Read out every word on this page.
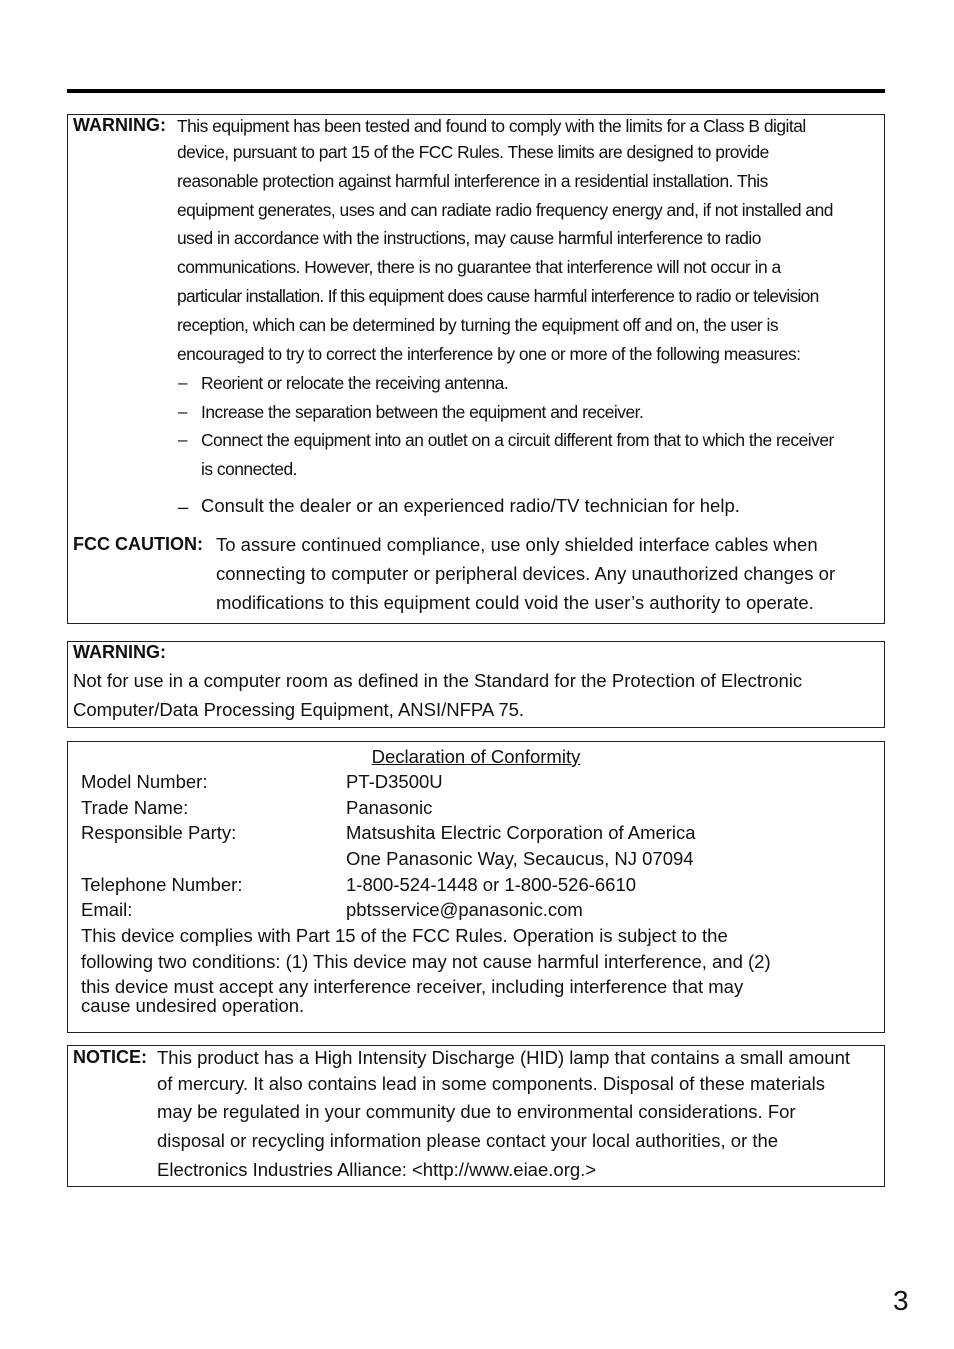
WARNING: This equipment has been tested and found to comply with the limits for a Class B digital
device, pursuant to part 15 of the FCC Rules. These limits are designed to provide
reasonable protection against harmful interference in a residential installation. This
equipment generates, uses and can radiate radio frequency energy and, if not installed and
used in accordance with the instructions, may cause harmful interference to radio
communications. However, there is no guarantee that interference will not occur in a
particular installation. If this equipment does cause harmful interference to radio or television
reception, which can be determined by turning the equipment off and on, the user is
encouraged to try to correct the interference by one or more of the following measures:
– Reorient or relocate the receiving antenna.
– Increase the separation between the equipment and receiver.
– Connect the equipment into an outlet on a circuit different from that to which the receiver
is connected.
– Consult the dealer or an experienced radio/TV technician for help.
FCC CAUTION: To assure continued compliance, use only shielded interface cables when
connecting to computer or peripheral devices. Any unauthorized changes or
modifications to this equipment could void the user’s authority to operate.
WARNING:
Not for use in a computer room as defined in the Standard for the Protection of Electronic
Computer/Data Processing Equipment, ANSI/NFPA 75.
Declaration of Conformity
Model Number:	PT-D3500U
Trade Name:	Panasonic
Responsible Party:	Matsushita Electric Corporation of America
One Panasonic Way, Secaucus, NJ 07094
Telephone Number:	1-800-524-1448 or 1-800-526-6610
Email:	pbtsservice@panasonic.com
This device complies with Part 15 of the FCC Rules. Operation is subject to the
following two conditions: (1) This device may not cause harmful interference, and (2)
this device must accept any interference receiver, including interference that may
cause undesired operation.
NOTICE: This product has a High Intensity Discharge (HID) lamp that contains a small amount
of mercury. It also contains lead in some components. Disposal of these materials
may be regulated in your community due to environmental considerations. For
disposal or recycling information please contact your local authorities, or the
Electronics Industries Alliance: <http://www.eiae.org.>
3
